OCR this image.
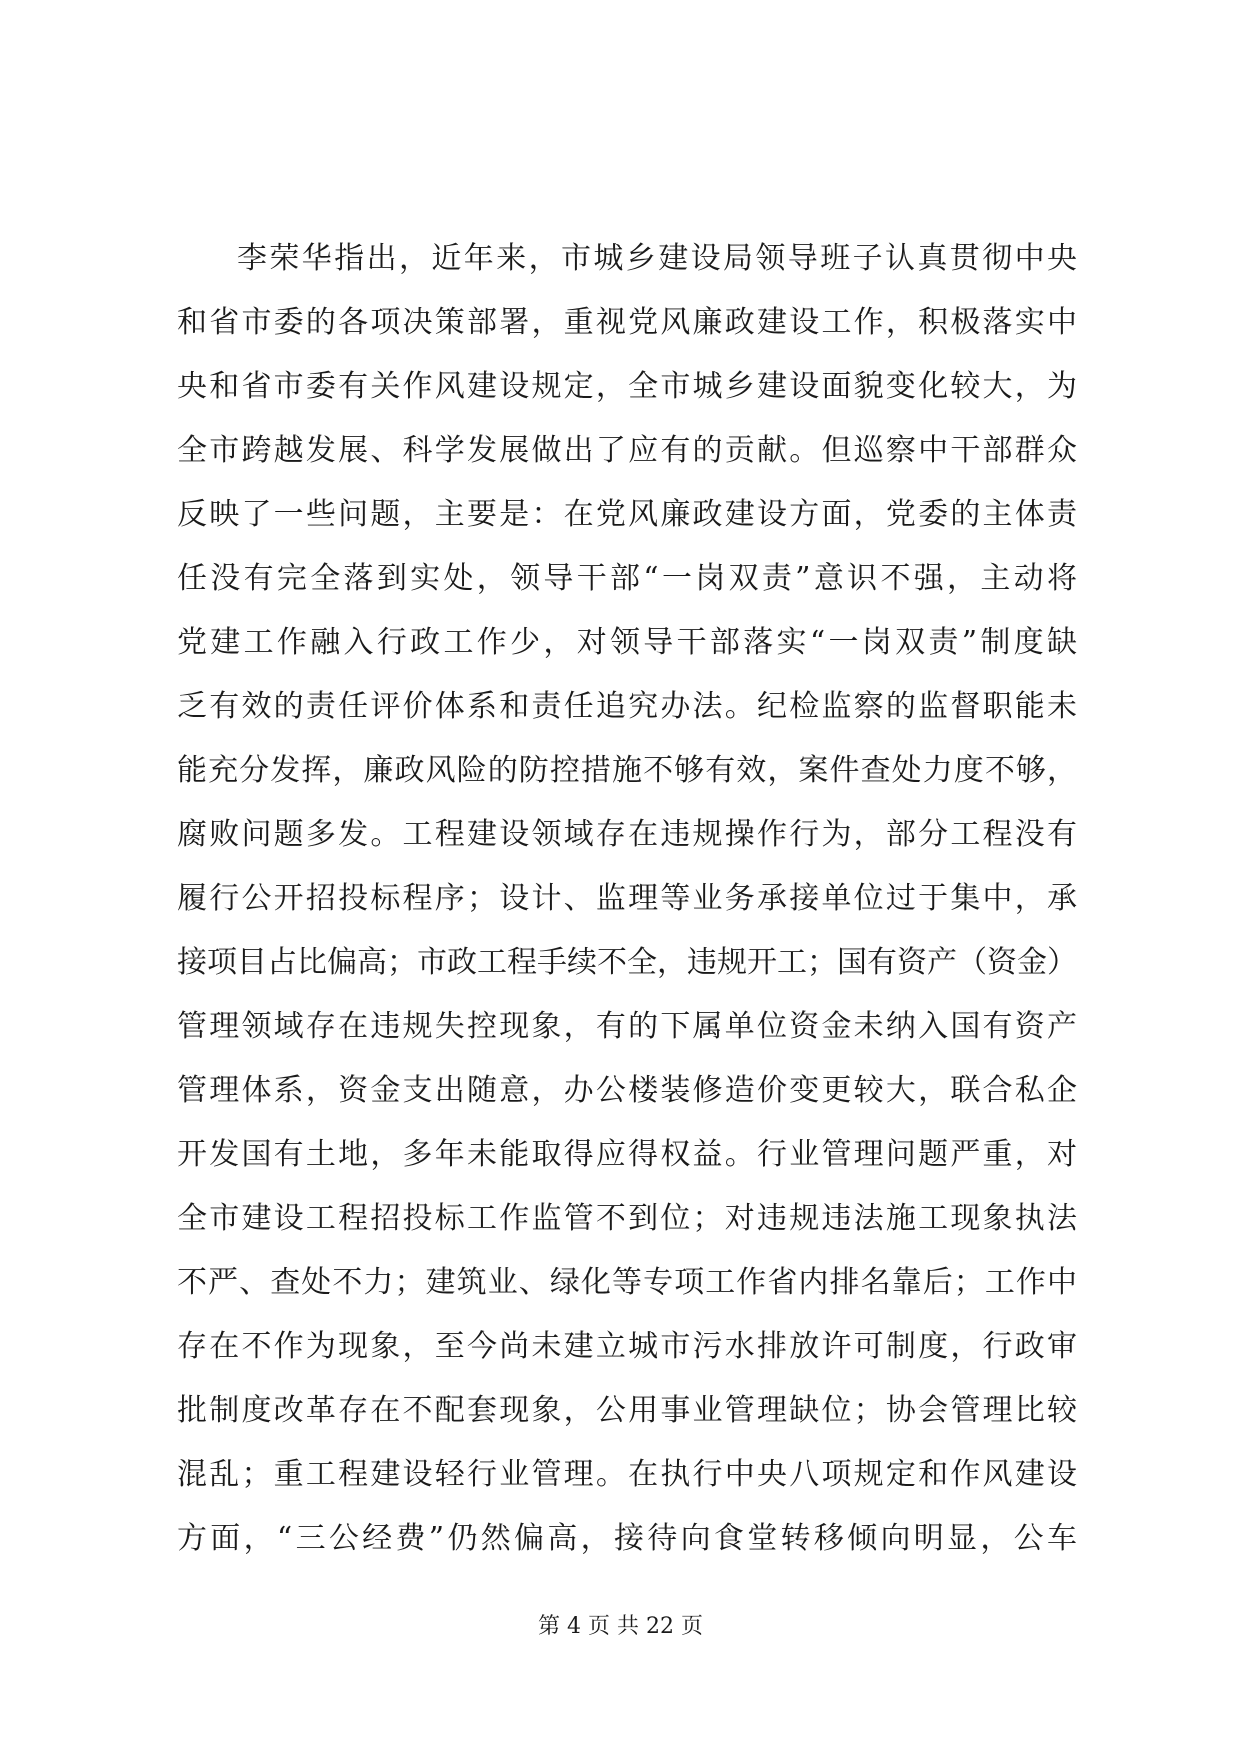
李荣华指出，近年来，市城乡建设局领导班子认真贯彻中央
和省市委的各项决策部署，重视党风廉政建设工作，积极落实中
央和省市委有关作风建设规定，全市城乡建设面貌变化较大，为
全市跨越发展、科学发展做出了应有的贡献。但巡察中干部群众
反映了一些问题，主要是：在党风廉政建设方面，党委的主体责
任没有完全落到实处，领导干部“一岗双责”意识不强，主动将
党建工作融入行政工作少，对领导干部落实“一岗双责”制度缺
乏有效的责任评价体系和责任追究办法。纪检监察的监督职能未
能充分发挥，廉政风险的防控措施不够有效，案件查处力度不够，
腐败问题多发。工程建设领域存在违规操作行为，部分工程没有
履行公开招投标程序；设计、监理等业务承接单位过于集中，承
接项目占比偏高；市政工程手续不全，违规开工；国有资产（资金）
管理领域存在违规失控现象，有的下属单位资金未纳入国有资产
管理体系，资金支出随意，办公楼装修造价变更较大，联合私企
开发国有土地，多年未能取得应得权益。行业管理问题严重，对
全市建设工程招投标工作监管不到位；对违规违法施工现象执法
不严、查处不力；建筑业、绿化等专项工作省内排名靠后；工作中
存在不作为现象，至今尚未建立城市污水排放许可制度，行政审
批制度改革存在不配套现象，公用事业管理缺位；协会管理比较
混乱；重工程建设轻行业管理。在执行中央八项规定和作风建设
方面，“三公经费”仍然偏高，接待向食堂转移倾向明显，公车
第 4 页 共 22 页
